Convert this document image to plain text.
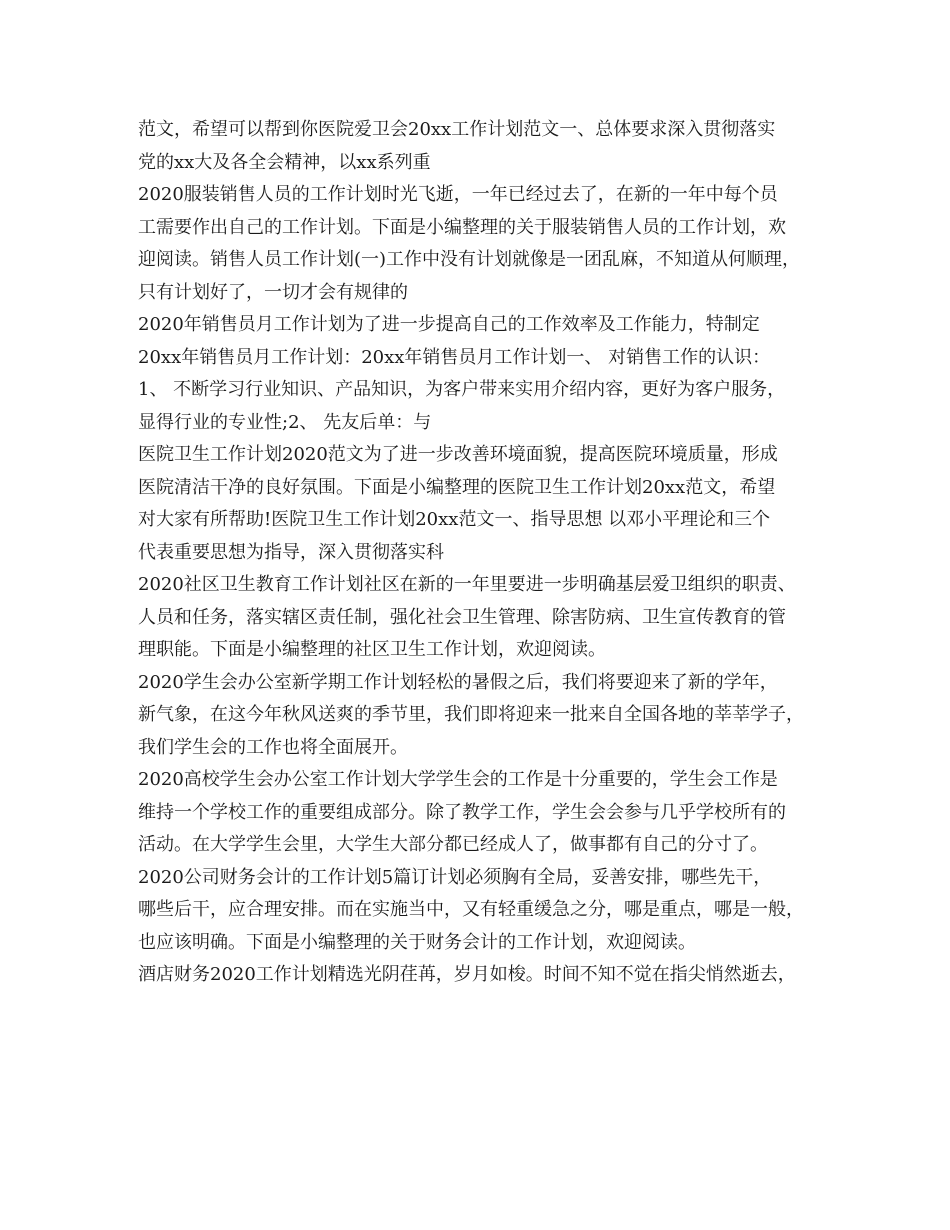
范文，希望可以帮到你医院爱卫会20xx工作计划范文一、总体要求深入贯彻落实
党的xx大及各全会精神，以xx系列重
2020服装销售人员的工作计划时光飞逝，一年已经过去了，在新的一年中每个员
工需要作出自己的工作计划。下面是小编整理的关于服装销售人员的工作计划，欢
迎阅读。销售人员工作计划(一)工作中没有计划就像是一团乱麻，不知道从何顺理，
只有计划好了，一切才会有规律的
2020年销售员月工作计划为了进一步提高自己的工作效率及工作能力，特制定
20xx年销售员月工作计划：20xx年销售员月工作计划一、 对销售工作的认识：
1、 不断学习行业知识、产品知识，为客户带来实用介绍内容，更好为客户服务，
显得行业的专业性;2、 先友后单：与
医院卫生工作计划2020范文为了进一步改善环境面貌，提高医院环境质量，形成
医院清洁干净的良好氛围。下面是小编整理的医院卫生工作计划20xx范文，希望
对大家有所帮助!医院卫生工作计划20xx范文一、指导思想 以邓小平理论和三个
代表重要思想为指导，深入贯彻落实科
2020社区卫生教育工作计划社区在新的一年里要进一步明确基层爱卫组织的职责、
人员和任务，落实辖区责任制，强化社会卫生管理、除害防病、卫生宣传教育的管
理职能。下面是小编整理的社区卫生工作计划，欢迎阅读。
2020学生会办公室新学期工作计划轻松的暑假之后，我们将要迎来了新的学年，
新气象，在这今年秋风送爽的季节里，我们即将迎来一批来自全国各地的莘莘学子，
我们学生会的工作也将全面展开。
2020高校学生会办公室工作计划大学学生会的工作是十分重要的，学生会工作是
维持一个学校工作的重要组成部分。除了教学工作，学生会会参与几乎学校所有的
活动。在大学学生会里，大学生大部分都已经成人了，做事都有自己的分寸了。
2020公司财务会计的工作计划5篇订计划必须胸有全局，妥善安排，哪些先干，
哪些后干，应合理安排。而在实施当中，又有轻重缓急之分，哪是重点，哪是一般，
也应该明确。下面是小编整理的关于财务会计的工作计划，欢迎阅读。
酒店财务2020工作计划精选光阴荏苒，岁月如梭。时间不知不觉在指尖悄然逝去，
